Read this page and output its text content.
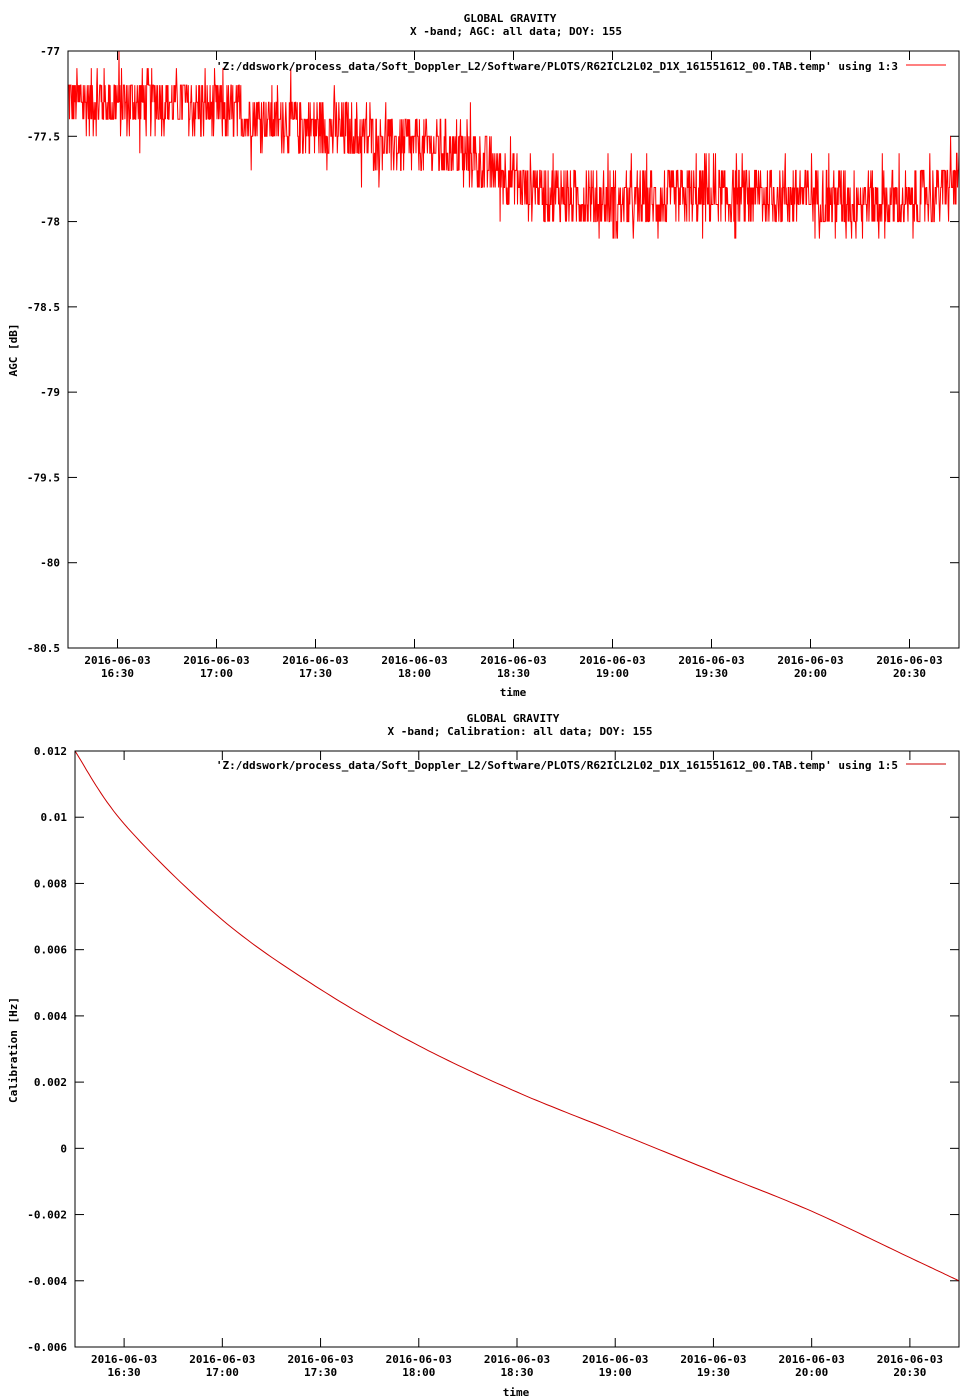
GLOBAL GRAVITY
X -band; AGC: all data; DOY: 155
AGC [dB]
time
-77
-77.5
-78
-78.5
-79
-79.5
-80
-80.5
2016-06-03
16:30
2016-06-03
17:00
2016-06-03
17:30
2016-06-03
18:00
2016-06-03
18:30
2016-06-03
19:00
2016-06-03
19:30
2016-06-03
20:00
2016-06-03
20:30
'Z:/ddswork/process_data/Soft_Doppler_L2/Software/PLOTS/R62ICL2L02_D1X_161551612_00.TAB.temp' using 1:3
GLOBAL GRAVITY
X -band; Calibration: all data; DOY: 155
Calibration [Hz]
time
0.012
0.01
0.008
0.006
0.004
0.002
0
-0.002
-0.004
-0.006
2016-06-03
16:30
2016-06-03
17:00
2016-06-03
17:30
2016-06-03
18:00
2016-06-03
18:30
2016-06-03
19:00
2016-06-03
19:30
2016-06-03
20:00
2016-06-03
20:30
'Z:/ddswork/process_data/Soft_Doppler_L2/Software/PLOTS/R62ICL2L02_D1X_161551612_00.TAB.temp' using 1:5
